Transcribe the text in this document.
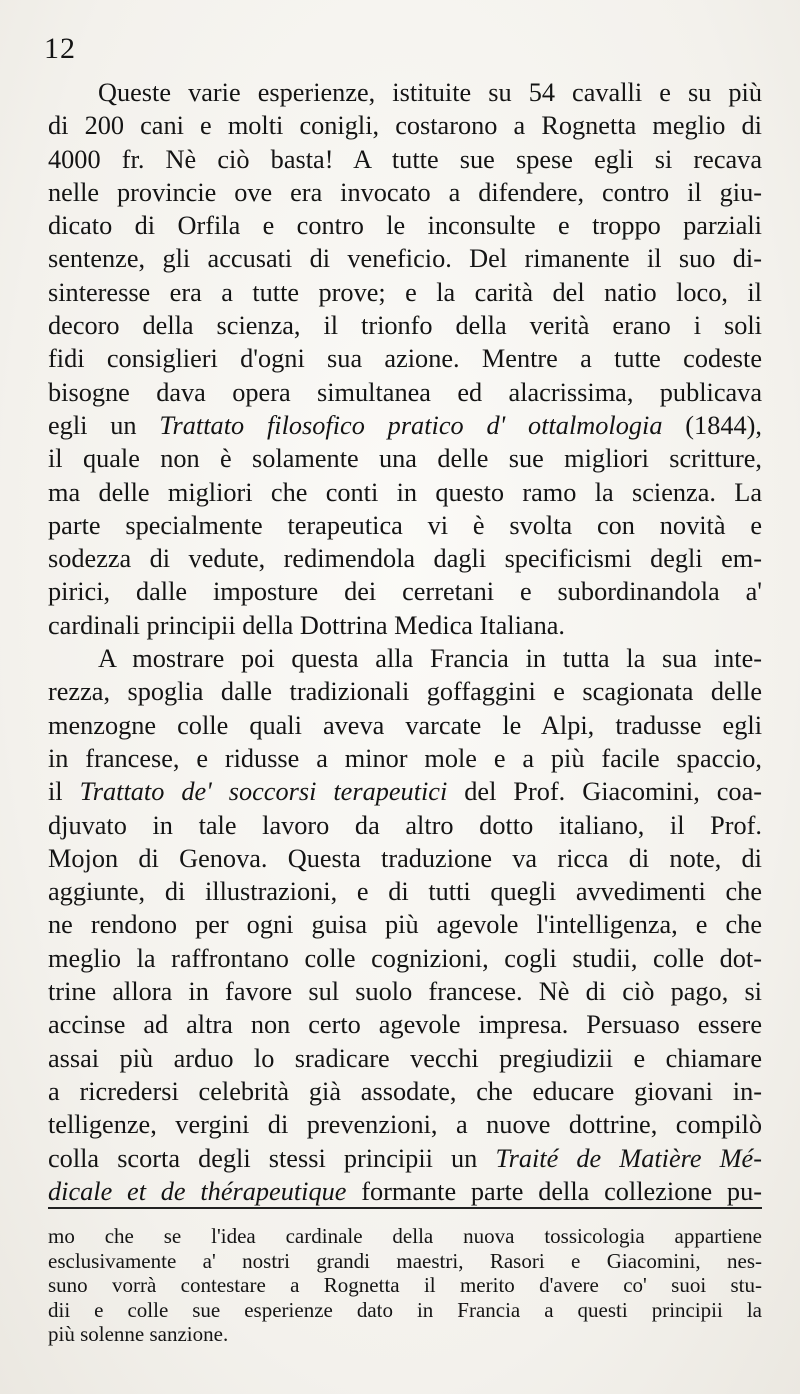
12
Queste varie esperienze, istituite su 54 cavalli e su più
di 200 cani e molti conigli, costarono a Rognetta meglio di
4000 fr. Nè ciò basta! A tutte sue spese egli si recava
nelle provincie ove era invocato a difendere, contro il giu-
dicato di Orfila e contro le inconsulte e troppo parziali
sentenze, gli accusati di veneficio. Del rimanente il suo di-
sinteresse era a tutte prove; e la carità del natio loco, il
decoro della scienza, il trionfo della verità erano i soli
fidi consiglieri d'ogni sua azione. Mentre a tutte codeste
bisogne dava opera simultanea ed alacrissima, publicava
egli un Trattato filosofico pratico d' ottalmologia (1844),
il quale non è solamente una delle sue migliori scritture,
ma delle migliori che conti in questo ramo la scienza. La
parte specialmente terapeutica vi è svolta con novità e
sodezza di vedute, redimendola dagli specificismi degli em-
pirici, dalle imposture dei cerretani e subordinandola a'
cardinali principii della Dottrina Medica Italiana.
A mostrare poi questa alla Francia in tutta la sua inte-
rezza, spoglia dalle tradizionali goffaggini e scagionata delle
menzogne colle quali aveva varcate le Alpi, tradusse egli
in francese, e ridusse a minor mole e a più facile spaccio,
il Trattato de' soccorsi terapeutici del Prof. Giacomini, coa-
djuvato in tale lavoro da altro dotto italiano, il Prof.
Mojon di Genova. Questa traduzione va ricca di note, di
aggiunte, di illustrazioni, e di tutti quegli avvedimenti che
ne rendono per ogni guisa più agevole l'intelligenza, e che
meglio la raffrontano colle cognizioni, cogli studii, colle dot-
trine allora in favore sul suolo francese. Nè di ciò pago, si
accinse ad altra non certo agevole impresa. Persuaso essere
assai più arduo lo sradicare vecchi pregiudizii e chiamare
a ricredersi celebrità già assodate, che educare giovani in-
telligenze, vergini di prevenzioni, a nuove dottrine, compilò
colla scorta degli stessi principii un Traité de Matière Mé-
dicale et de thérapeutique formante parte della collezione pu-
mo che se l'idea cardinale della nuova tossicologia appartiene
esclusivamente a' nostri grandi maestri, Rasori e Giacomini, nes-
suno vorrà contestare a Rognetta il merito d'avere co' suoi stu-
dii e colle sue esperienze dato in Francia a questi principii la
più solenne sanzione.
